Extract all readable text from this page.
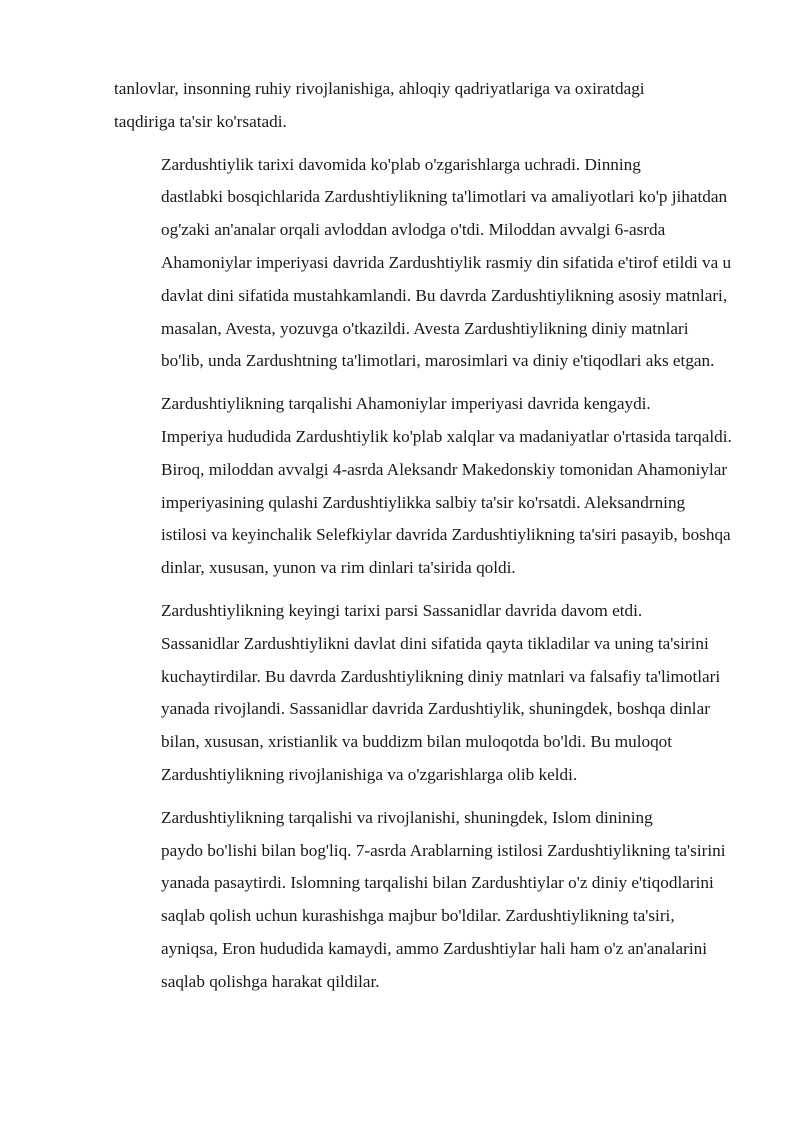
tanlovlar, insonning ruhiy rivojlanishiga, ahloqiy qadriyatlariga va oxiratdagi
taqdiriga ta'sir ko'rsatadi.

Zardushtiylik tarixi davomida ko'plab o'zgarishlarga uchradi. Dinning
dastlabki bosqichlarida Zardushtiylikning ta'limotlari va amaliyotlari ko'p jihatdan
og'zaki an'analar orqali avloddan avlodga o'tdi. Miloddan avvalgi 6-asrda
Ahamoniylar imperiyasi davrida Zardushtiylik rasmiy din sifatida e'tirof etildi va u
davlat dini sifatida mustahkamlandi. Bu davrda Zardushtiylikning asosiy matnlari,
masalan, Avesta, yozuvga o'tkazildi. Avesta Zardushtiylikning diniy matnlari
bo'lib, unda Zardushtning ta'limotlari, marosimlari va diniy e'tiqodlari aks etgan.

Zardushtiylikning tarqalishi Ahamoniylar imperiyasi davrida kengaydi.
Imperiya hududida Zardushtiylik ko'plab xalqlar va madaniyatlar o'rtasida tarqaldi.
Biroq, miloddan avvalgi 4-asrda Aleksandr Makedonskiy tomonidan Ahamoniylar
imperiyasining qulashi Zardushtiylikka salbiy ta'sir ko'rsatdi. Aleksandrning
istilosi va keyinchalik Selefkiylar davrida Zardushtiylikning ta'siri pasayib, boshqa
dinlar, xususan, yunon va rim dinlari ta'sirida qoldi.

Zardushtiylikning keyingi tarixi parsi Sassanidlar davrida davom etdi.
Sassanidlar Zardushtiylikni davlat dini sifatida qayta tikladilar va uning ta'sirini
kuchaytirdilar. Bu davrda Zardushtiylikning diniy matnlari va falsafiy ta'limotlari
yanada rivojlandi. Sassanidlar davrida Zardushtiylik, shuningdek, boshqa dinlar
bilan, xususan, xristianlik va buddizm bilan muloqotda bo'ldi. Bu muloqot
Zardushtiylikning rivojlanishiga va o'zgarishlarga olib keldi.

Zardushtiylikning tarqalishi va rivojlanishi, shuningdek, Islom dinining
paydo bo'lishi bilan bog'liq. 7-asrda Arablarning istilosi Zardushtiylikning ta'sirini
yanada pasaytirdi. Islomning tarqalishi bilan Zardushtiylar o'z diniy e'tiqodlarini
saqlab qolish uchun kurashishga majbur bo'ldilar. Zardushtiylikning ta'siri,
ayniqsa, Eron hududida kamaydi, ammo Zardushtiylar hali ham o'z an'analarini
saqlab qolishga harakat qildilar.
